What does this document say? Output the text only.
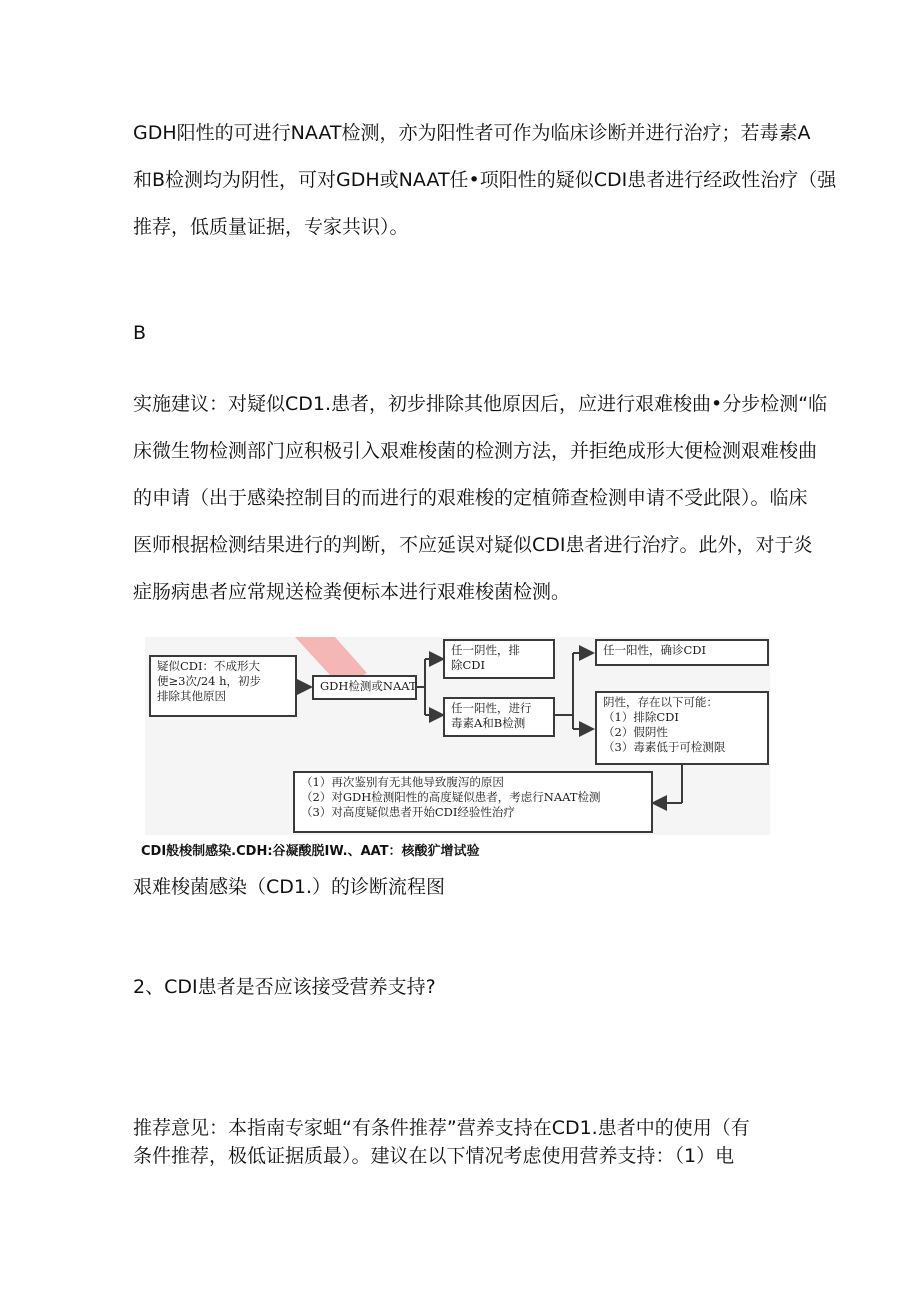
GDH阳性的可进行NAAT检测，亦为阳性者可作为临床诊断并进行治疗；若毒素A
和B检测均为阴性，可对GDH或NAAT任•项阳性的疑似CDI患者进行经政性治疗（强
推荐，低质量证据，专家共识）。

B

实施建议：对疑似CD1.患者，初步排除其他原因后，应进行艰难梭曲•分步检测“临
床微生物检测部门应积极引入艰难梭菌的检测方法，并拒绝成形大便检测艰难梭曲
的申请（出于感染控制目的而进行的艰难梭的定植筛查检测申请不受此限）。临床
医师根据检测结果进行的判断，不应延误对疑似CDI患者进行治疗。此外，对于炎
症肠病患者应常规送检粪便标本进行艰难梭菌检测。
疑似CDI：不成形大
便≥3次/24 h，初步
排除其他原因
GDH检测或NAAT
任一阴性，排
除CDI
任一阳性，进行
毒素A和B检测
任一阳性，确诊CDI
阴性，存在以下可能：
（1）排除CDI
（2）假阴性
（3）毒素低于可检测限
（1）再次鉴别有无其他导致腹泻的原因
（2）对GDH检测阳性的高度疑似患者，考虑行NAAT检测
（3）对高度疑似患者开始CDI经验性治疗

CDI般梭制感染.CDH:谷凝酸脱IW.、AAT：核酸犷增试验

艰难梭菌感染（CD1.）的诊断流程图

2、CDI患者是否应该接受营养支持?

推荐意见：本指南专家蛆“有条件推荐”营养支持在CD1.患者中的使用（有
条件推荐，极低证据质最）。建议在以下情况考虑使用营养支持：（1）电
